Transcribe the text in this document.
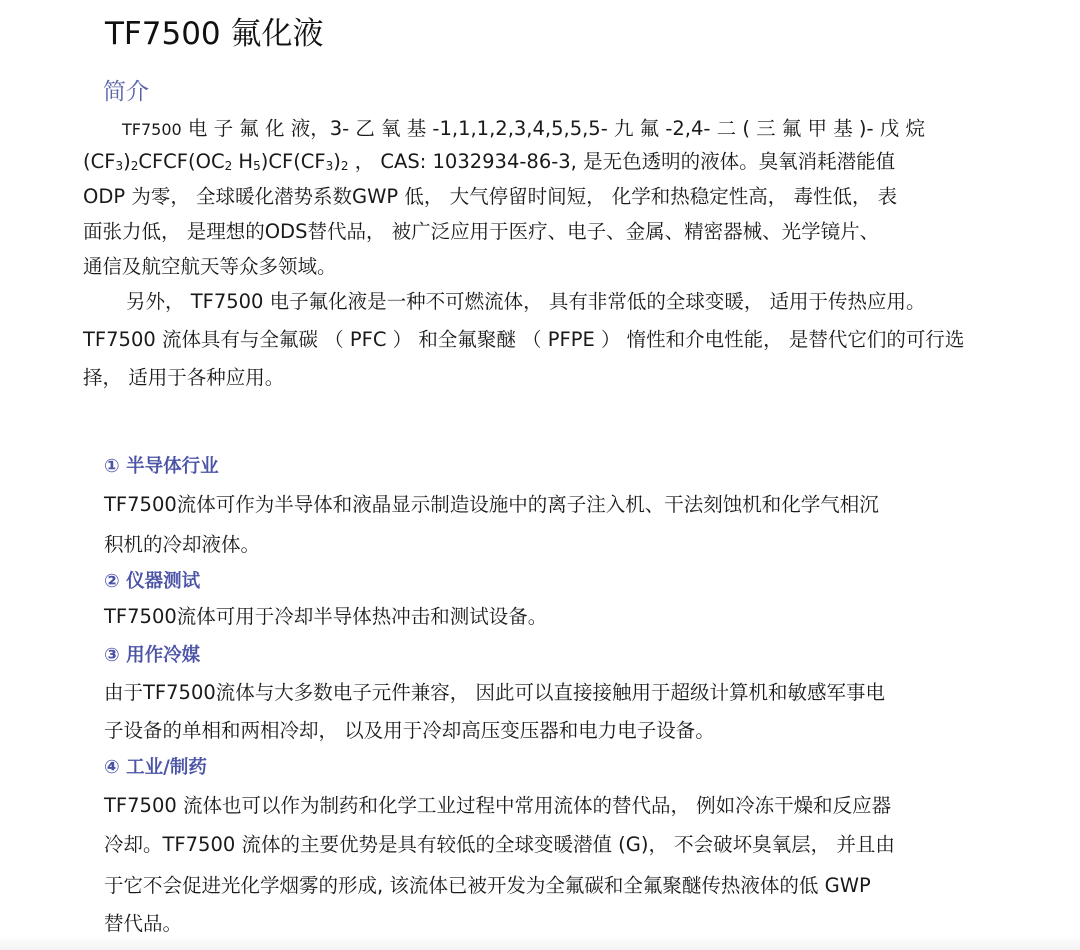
TF7500 氟化液
简介
TF7500 电 子 氟 化 液，3- 乙 氧 基 -1,1,1,2,3,4,5,5,5- 九 氟 -2,4- 二 ( 三 氟 甲 基 )- 戊 烷
$(CF_3)_2CFCF(OC_2$ $H_5)CF(CF_3)_2$ ， CAS: 1032934-86-3, 是无色透明的液体。臭氧消耗潜能值
ODP 为零， 全球暖化潜势系数GWP 低， 大气停留时间短， 化学和热稳定性高， 毒性低， 表
面张力低， 是理想的ODS替代品， 被广泛应用于医疗、电子、金属、精密器械、光学镜片、
通信及航空航天等众多领域。
另外， TF7500 电子氟化液是一种不可燃流体， 具有非常低的全球变暖， 适用于传热应用。
TF7500 流体具有与全氟碳 （ PFC ） 和全氟聚醚 （ PFPE ） 惰性和介电性能， 是替代它们的可行选
择， 适用于各种应用。
① 半导体行业
TF7500流体可作为半导体和液晶显示制造设施中的离子注入机、干法刻蚀机和化学气相沉
积机的冷却液体。
② 仪器测试
TF7500流体可用于冷却半导体热冲击和测试设备。
③ 用作冷媒
由于TF7500流体与大多数电子元件兼容， 因此可以直接接触用于超级计算机和敏感军事电
子设备的单相和两相冷却， 以及用于冷却高压变压器和电力电子设备。
④ 工业/制药
TF7500 流体也可以作为制药和化学工业过程中常用流体的替代品， 例如冷冻干燥和反应器
冷却。TF7500 流体的主要优势是具有较低的全球变暖潜值 (G)， 不会破坏臭氧层， 并且由
于它不会促进光化学烟雾的形成, 该流体已被开发为全氟碳和全氟聚醚传热液体的低 GWP
替代品。
